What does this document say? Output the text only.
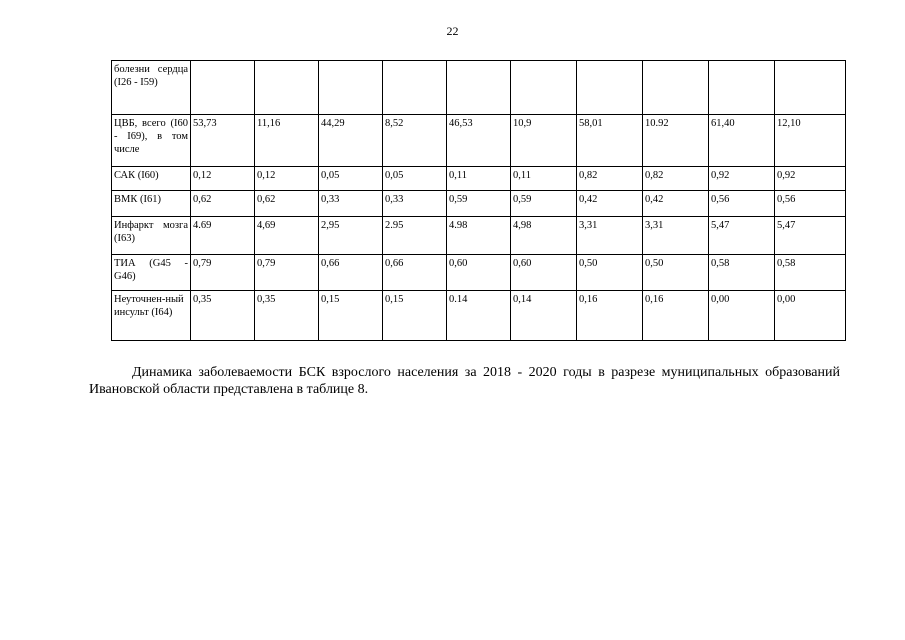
22
болезни сердца (I26 - I59)										
ЦВБ, всего (I60 - I69), в том числе	53,73	11,16	44,29	8,52	46,53	10,9	58,01	10.92	61,40	12,10
САК (I60)	0,12	0,12	0,05	0,05	0,11	0,11	0,82	0,82	0,92	0,92
ВМК (I61)	0,62	0,62	0,33	0,33	0,59	0,59	0,42	0,42	0,56	0,56
Инфаркт мозга (I63)	4.69	4,69	2,95	2.95	4.98	4,98	3,31	3,31	5,47	5,47
ТИА (G45 - G46)	0,79	0,79	0,66	0,66	0,60	0,60	0,50	0,50	0,58	0,58
Неуточнен-ный инсульт (I64)	0,35	0,35	0,15	0,15	0.14	0,14	0,16	0,16	0,00	0,00
Динамика заболеваемости БСК взрослого населения за 2018 - 2020 годы в разрезе муниципальных образований Ивановской области представлена в таблице 8.
